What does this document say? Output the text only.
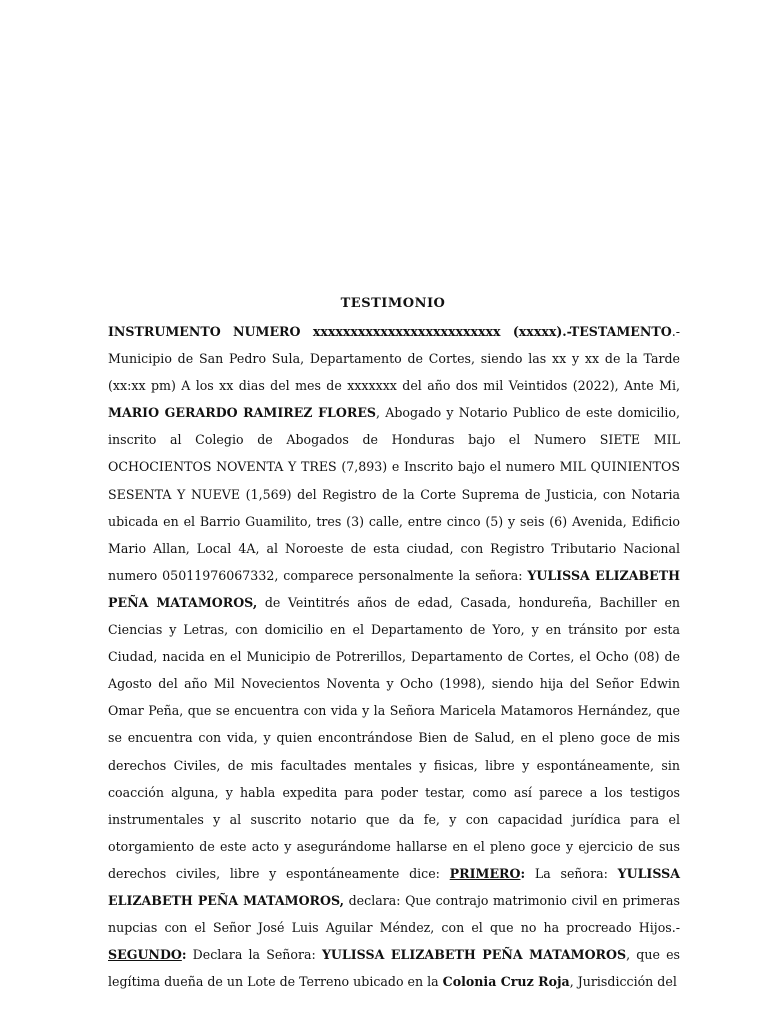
TESTIMONIO

INSTRUMENTO NUMERO xxxxxxxxxxxxxxxxxxxxxxxxx (xxxxx).-TESTAMENTO.- Municipio de San Pedro Sula, Departamento de Cortes, siendo las xx y xx de la Tarde (xx:xx pm) A los xx dias del mes de xxxxxxx del año dos mil Veintidos (2022), Ante Mi, MARIO GERARDO RAMIREZ FLORES, Abogado y Notario Publico de este domicilio, inscrito al Colegio de Abogados de Honduras bajo el Numero SIETE MIL OCHOCIENTOS NOVENTA Y TRES (7,893) e Inscrito bajo el numero MIL QUINIENTOS SESENTA Y NUEVE (1,569) del Registro de la Corte Suprema de Justicia, con Notaria ubicada en el Barrio Guamilito, tres (3) calle, entre cinco (5) y seis (6) Avenida, Edificio Mario Allan, Local 4A, al Noroeste de esta ciudad, con Registro Tributario Nacional numero 05011976067332, comparece personalmente la señora: YULISSA ELIZABETH PEÑA MATAMOROS, de Veintitrés años de edad, Casada, hondureña, Bachiller en Ciencias y Letras, con domicilio en el Departamento de Yoro, y en tránsito por esta Ciudad, nacida en el Municipio de Potrerillos, Departamento de Cortes, el Ocho (08) de Agosto del año Mil Novecientos Noventa y Ocho (1998), siendo hija del Señor Edwin Omar Peña, que se encuentra con vida y la Señora Maricela Matamoros Hernández, que se encuentra con vida, y quien encontrándose Bien de Salud, en el pleno goce de mis derechos Civiles, de mis facultades mentales y fisicas, libre y espontáneamente, sin coacción alguna, y habla expedita para poder testar, como así parece a los testigos instrumentales y al suscrito notario que da fe, y con capacidad jurídica para el otorgamiento de este acto y asegurándome hallarse en el pleno goce y ejercicio de sus derechos civiles, libre y espontáneamente dice: PRIMERO: La señora: YULISSA ELIZABETH PEÑA MATAMOROS, declara: Que contrajo matrimonio civil en primeras nupcias con el Señor José Luis Aguilar Méndez, con el que no ha procreado Hijos.- SEGUNDO: Declara la Señora: YULISSA ELIZABETH PEÑA MATAMOROS, que es legítima dueña de un Lote de Terreno ubicado en la Colonia Cruz Roja, Jurisdicción del
